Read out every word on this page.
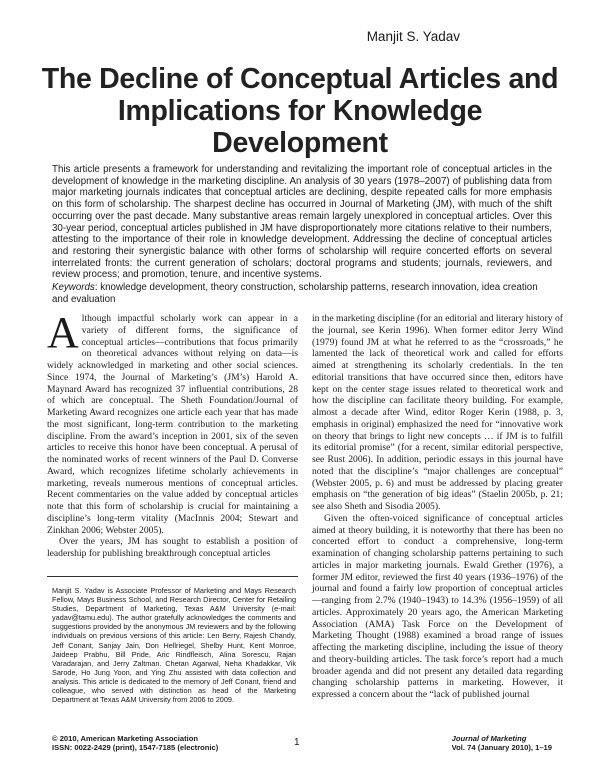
Manjit S. Yadav
The Decline of Conceptual Articles and Implications for Knowledge Development
This article presents a framework for understanding and revitalizing the important role of conceptual articles in the development of knowledge in the marketing discipline. An analysis of 30 years (1978–2007) of publishing data from major marketing journals indicates that conceptual articles are declining, despite repeated calls for more emphasis on this form of scholarship. The sharpest decline has occurred in Journal of Marketing (JM), with much of the shift occurring over the past decade. Many substantive areas remain largely unexplored in conceptual articles. Over this 30-year period, conceptual articles published in JM have disproportionately more citations relative to their numbers, attesting to the importance of their role in knowledge development. Addressing the decline of conceptual articles and restoring their synergistic balance with other forms of scholarship will require concerted efforts on several interrelated fronts: the current generation of scholars; doctoral programs and students; journals, reviewers, and review process; and promotion, tenure, and incentive systems.
Keywords: knowledge development, theory construction, scholarship patterns, research innovation, idea creation and evaluation

Although impactful scholarly work can appear in a variety of different forms, the significance of conceptual articles—contributions that focus primarily on theoretical advances without relying on data—is widely acknowledged in marketing and other social sciences. Since 1974, the Journal of Marketing’s (JM’s) Harold A. Maynard Award has recognized 37 influential contributions, 28 of which are conceptual. The Sheth Foundation/Journal of Marketing Award recognizes one article each year that has made the most significant, long-term contribution to the marketing discipline. From the award’s inception in 2001, six of the seven articles to receive this honor have been conceptual. A perusal of the nominated works of recent winners of the Paul D. Converse Award, which recognizes lifetime scholarly achievements in marketing, reveals numerous mentions of conceptual articles. Recent commentaries on the value added by conceptual articles note that this form of scholarship is crucial for maintaining a discipline’s long-term vitality (MacInnis 2004; Stewart and Zinkhan 2006; Webster 2005).

Over the years, JM has sought to establish a position of leadership for publishing breakthrough conceptual articles

Manjit S. Yadav is Associate Professor of Marketing and Mays Research Fellow, Mays Business School, and Research Director, Center for Retailing Studies, Department of Marketing, Texas A&M University (e-mail: yadav@tamu.edu). The author gratefully acknowledges the comments and suggestions provided by the anonymous JM reviewers and by the following individuals on previous versions of this article: Len Berry, Rajesh Chandy, Jeff Conant, Sanjay Jain, Don Hellriegel, Shelby Hunt, Kent Monroe, Jaideep Prabhu, Bill Pride, Aric Rindfleisch, Alina Sorescu, Rajan Varadarajan, and Jerry Zaltman. Chetan Agarwal, Neha Khadakkar, Vik Sarode, Ho Jung Yoon, and Ying Zhu assisted with data collection and analysis. This article is dedicated to the memory of Jeff Conant, friend and colleague, who served with distinction as head of the Marketing Department at Texas A&M University from 2006 to 2009.

in the marketing discipline (for an editorial and literary history of the journal, see Kerin 1996). When former editor Jerry Wind (1979) found JM at what he referred to as the “crossroads,” he lamented the lack of theoretical work and called for efforts aimed at strengthening its scholarly credentials. In the ten editorial transitions that have occurred since then, editors have kept on the center stage issues related to theoretical work and how the discipline can facilitate theory building. For example, almost a decade after Wind, editor Roger Kerin (1988, p. 3, emphasis in original) emphasized the need for “innovative work on theory that brings to light new concepts … if JM is to fulfill its editorial promise” (for a recent, similar editorial perspective, see Rust 2006). In addition, periodic essays in this journal have noted that the discipline’s “major challenges are conceptual” (Webster 2005, p. 6) and must be addressed by placing greater emphasis on “the generation of big ideas” (Staelin 2005b, p. 21; see also Sheth and Sisodia 2005).

Given the often-voiced significance of conceptual articles aimed at theory building, it is noteworthy that there has been no concerted effort to conduct a comprehensive, long-term examination of changing scholarship patterns pertaining to such articles in major marketing journals. Ewald Grether (1976), a former JM editor, reviewed the first 40 years (1936–1976) of the journal and found a fairly low proportion of conceptual articles—ranging from 2.7% (1940–1943) to 14.3% (1956–1959) of all articles. Approximately 20 years ago, the American Marketing Association (AMA) Task Force on the Development of Marketing Thought (1988) examined a broad range of issues affecting the marketing discipline, including the issue of theory and theory-building articles. The task force’s report had a much broader agenda and did not present any detailed data regarding changing scholarship patterns in marketing. However, it expressed a concern about the “lack of published journal

© 2010, American Marketing Association
ISSN: 0022-2429 (print), 1547-7185 (electronic)	1	Journal of Marketing
Vol. 74 (January 2010), 1–19
